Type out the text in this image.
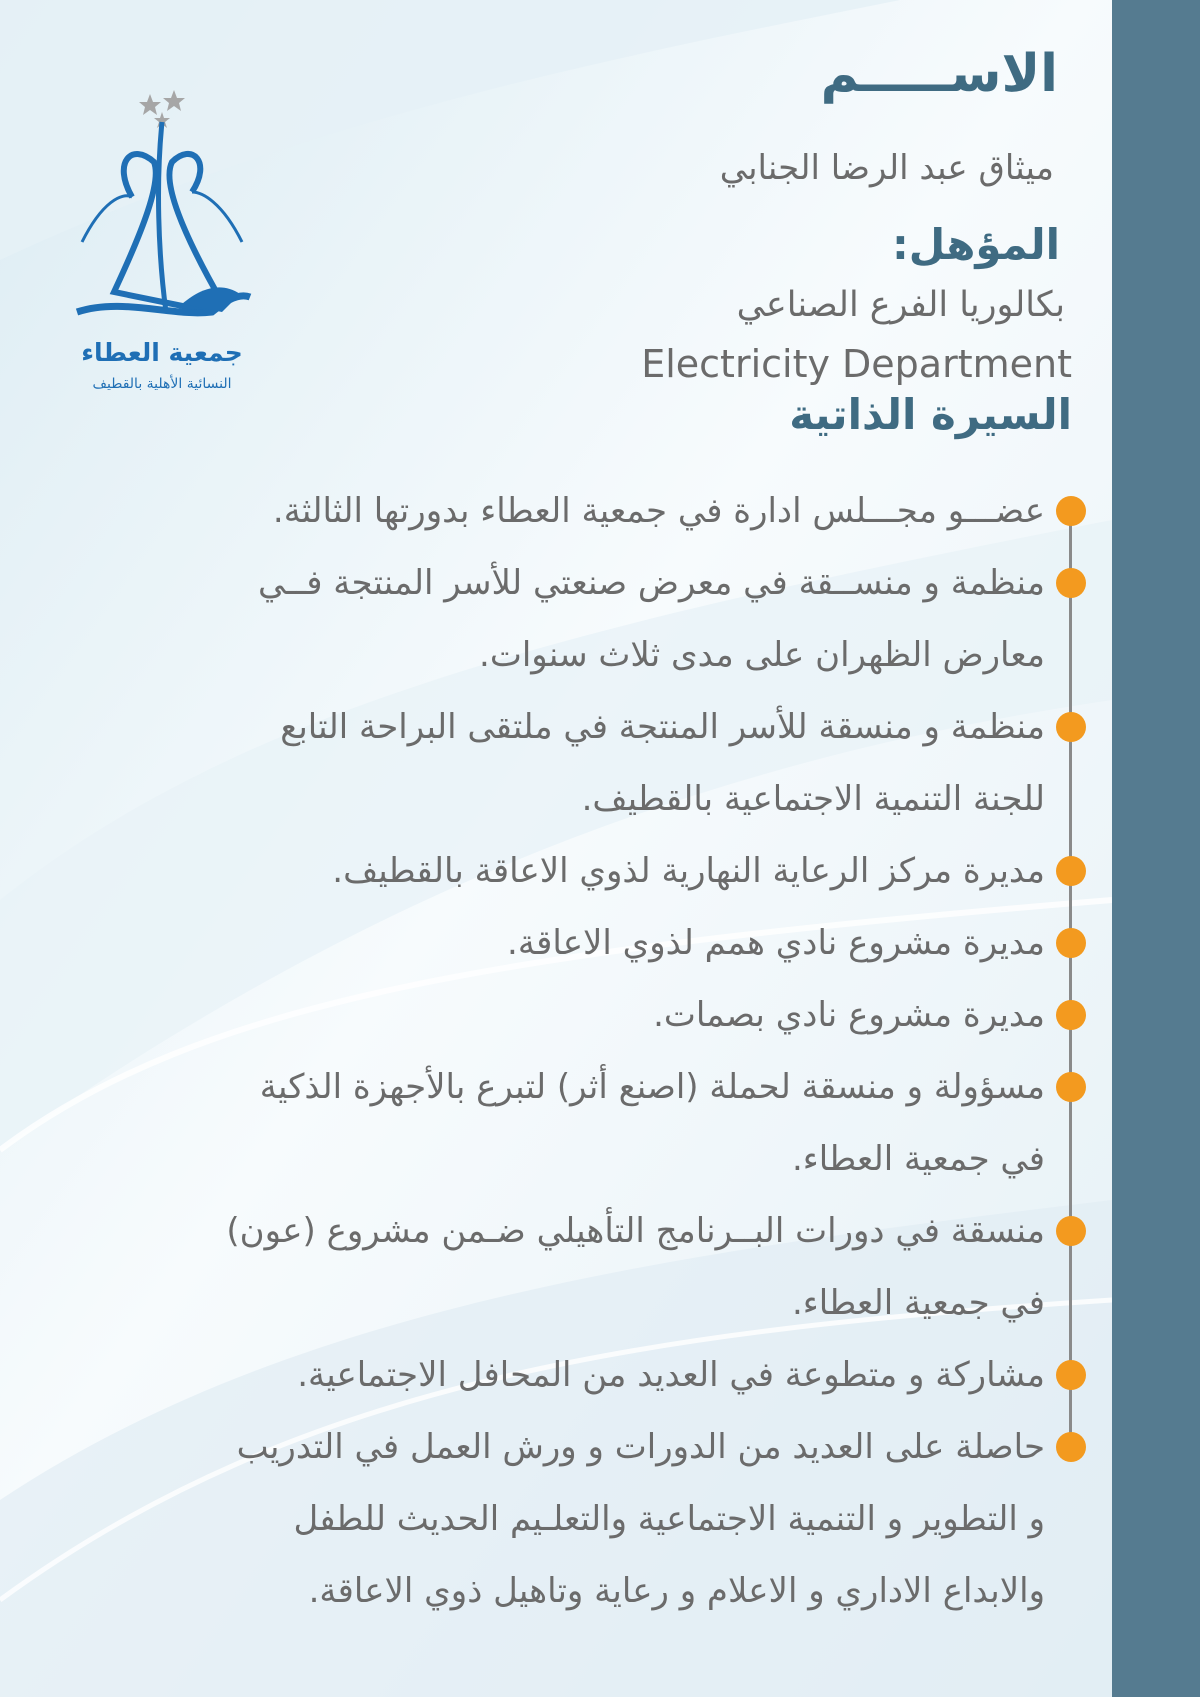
جمعية العطاء
النسائية الأهلية بالقطيف
الاســـــم
ميثاق عبد الرضا الجنابي
المؤهل:
بكالوريا الفرع الصناعي
Electricity Department
السيرة الذاتية
عضـــو مجـــلس ادارة في جمعية العطاء بدورتها الثالثة.
منظمة و منســقة في معرض صنعتي للأسر المنتجة فــي
معارض الظهران على مدى ثلاث سنوات.
منظمة و منسقة للأسر المنتجة في ملتقى البراحة التابع
للجنة التنمية الاجتماعية بالقطيف.
مديرة مركز الرعاية النهارية لذوي الاعاقة بالقطيف.
مديرة مشروع نادي همم لذوي الاعاقة.
مديرة مشروع نادي بصمات.
مسؤولة و منسقة لحملة (اصنع أثر) لتبرع بالأجهزة الذكية
في جمعية العطاء.
منسقة في دورات البــرنامج التأهيلي ضـمن مشروع (عون)
في جمعية العطاء.
مشاركة و متطوعة في العديد من المحافل الاجتماعية.
حاصلة على العديد من الدورات و ورش العمل في التدريب
و التطوير و التنمية الاجتماعية والتعلـيم الحديث للطفل
والابداع الاداري و الاعلام و رعاية وتاهيل ذوي الاعاقة.
